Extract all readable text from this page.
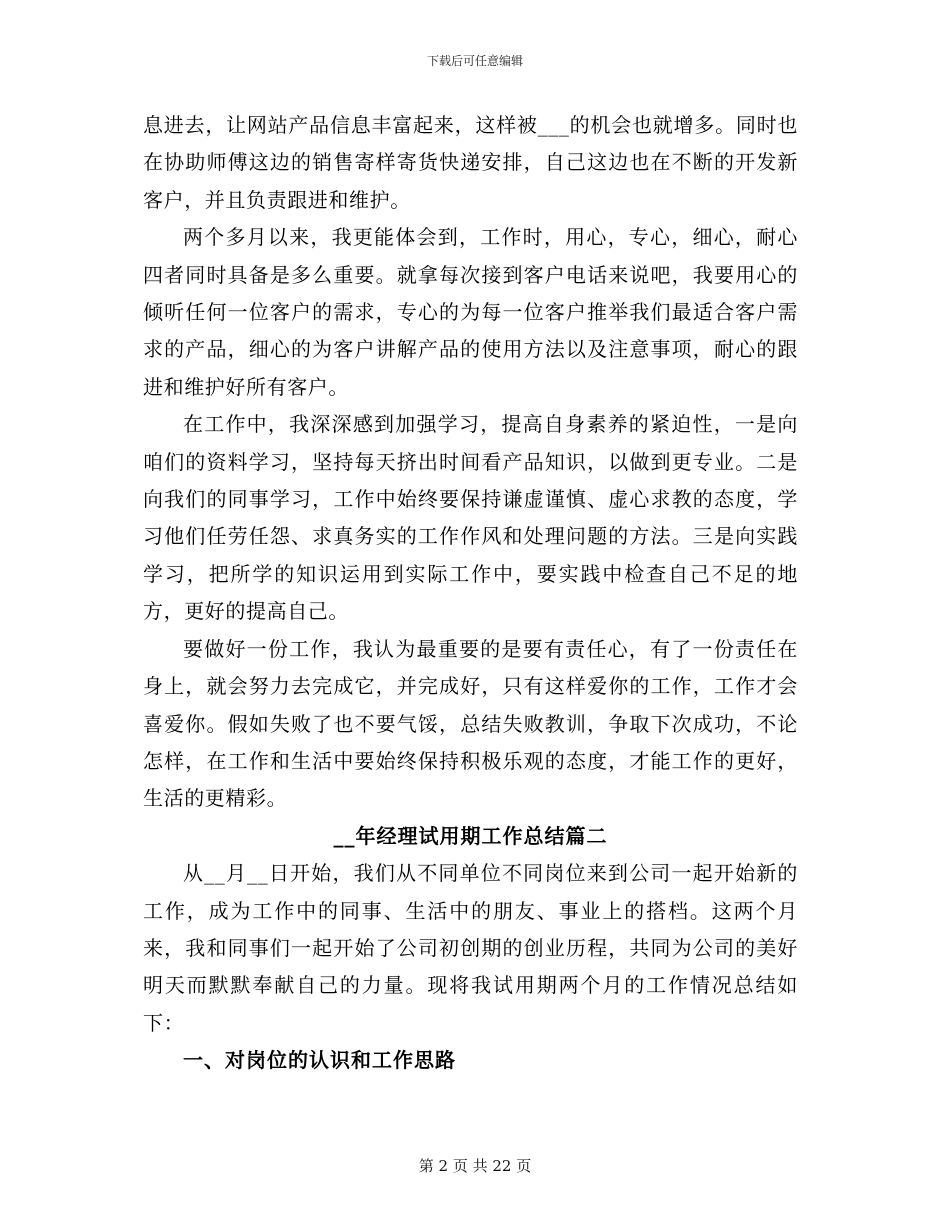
下载后可任意编辑

息进去，让网站产品信息丰富起来，这样被___的机会也就增多。同时也在协助师傅这边的销售寄样寄货快递安排，自己这边也在不断的开发新客户，并且负责跟进和维护。

两个多月以来，我更能体会到，工作时，用心，专心，细心，耐心四者同时具备是多么重要。就拿每次接到客户电话来说吧，我要用心的倾听任何一位客户的需求，专心的为每一位客户推举我们最适合客户需求的产品，细心的为客户讲解产品的使用方法以及注意事项，耐心的跟进和维护好所有客户。

在工作中，我深深感到加强学习，提高自身素养的紧迫性，一是向咱们的资料学习，坚持每天挤出时间看产品知识，以做到更专业。二是向我们的同事学习，工作中始终要保持谦虚谨慎、虚心求教的态度，学习他们任劳任怨、求真务实的工作作风和处理问题的方法。三是向实践学习，把所学的知识运用到实际工作中，要实践中检查自己不足的地方，更好的提高自己。

要做好一份工作，我认为最重要的是要有责任心，有了一份责任在身上，就会努力去完成它，并完成好，只有这样爱你的工作，工作才会喜爱你。假如失败了也不要气馁，总结失败教训，争取下次成功，不论怎样，在工作和生活中要始终保持积极乐观的态度，才能工作的更好，生活的更精彩。

__年经理试用期工作总结篇二

从__月__日开始，我们从不同单位不同岗位来到公司一起开始新的工作，成为工作中的同事、生活中的朋友、事业上的搭档。这两个月来，我和同事们一起开始了公司初创期的创业历程，共同为公司的美好明天而默默奉献自己的力量。现将我试用期两个月的工作情况总结如下：

一、对岗位的认识和工作思路

第 2 页 共 22 页
